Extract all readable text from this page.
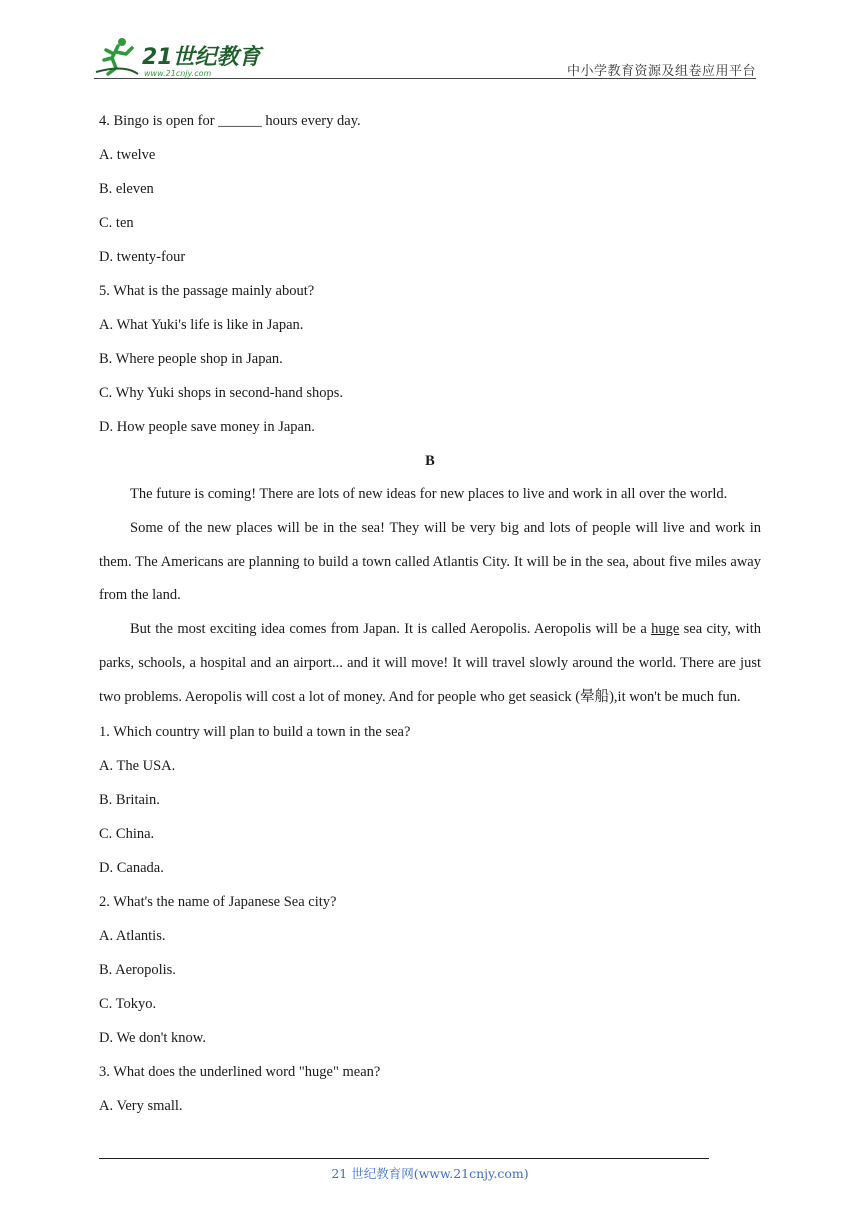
21世纪教育
www.21cnjy.com	中小学教育资源及组卷应用平台
4. Bingo is open for ______ hours every day.
A. twelve
B. eleven
C. ten
D. twenty-four
5. What is the passage mainly about?
A. What Yuki's life is like in Japan.
B. Where people shop in Japan.
C. Why Yuki shops in second-hand shops.
D. How people save money in Japan.
B
The future is coming! There are lots of new ideas for new places to live and work in all over the world.
Some of the new places will be in the sea! They will be very big and lots of people will live and work in them. The Americans are planning to build a town called Atlantis City. It will be in the sea, about five miles away from the land.
But the most exciting idea comes from Japan. It is called Aeropolis. Aeropolis will be a huge sea city, with parks, schools, a hospital and an airport... and it will move! It will travel slowly around the world. There are just two problems. Aeropolis will cost a lot of money. And for people who get seasick (晕船),it won't be much fun.
1. Which country will plan to build a town in the sea?
A. The USA.
B. Britain.
C. China.
D. Canada.
2. What's the name of Japanese Sea city?
A. Atlantis.
B. Aeropolis.
C. Tokyo.
D. We don't know.
3. What does the underlined word "huge" mean?
A. Very small.
21 世纪教育网(www.21cnjy.com)
